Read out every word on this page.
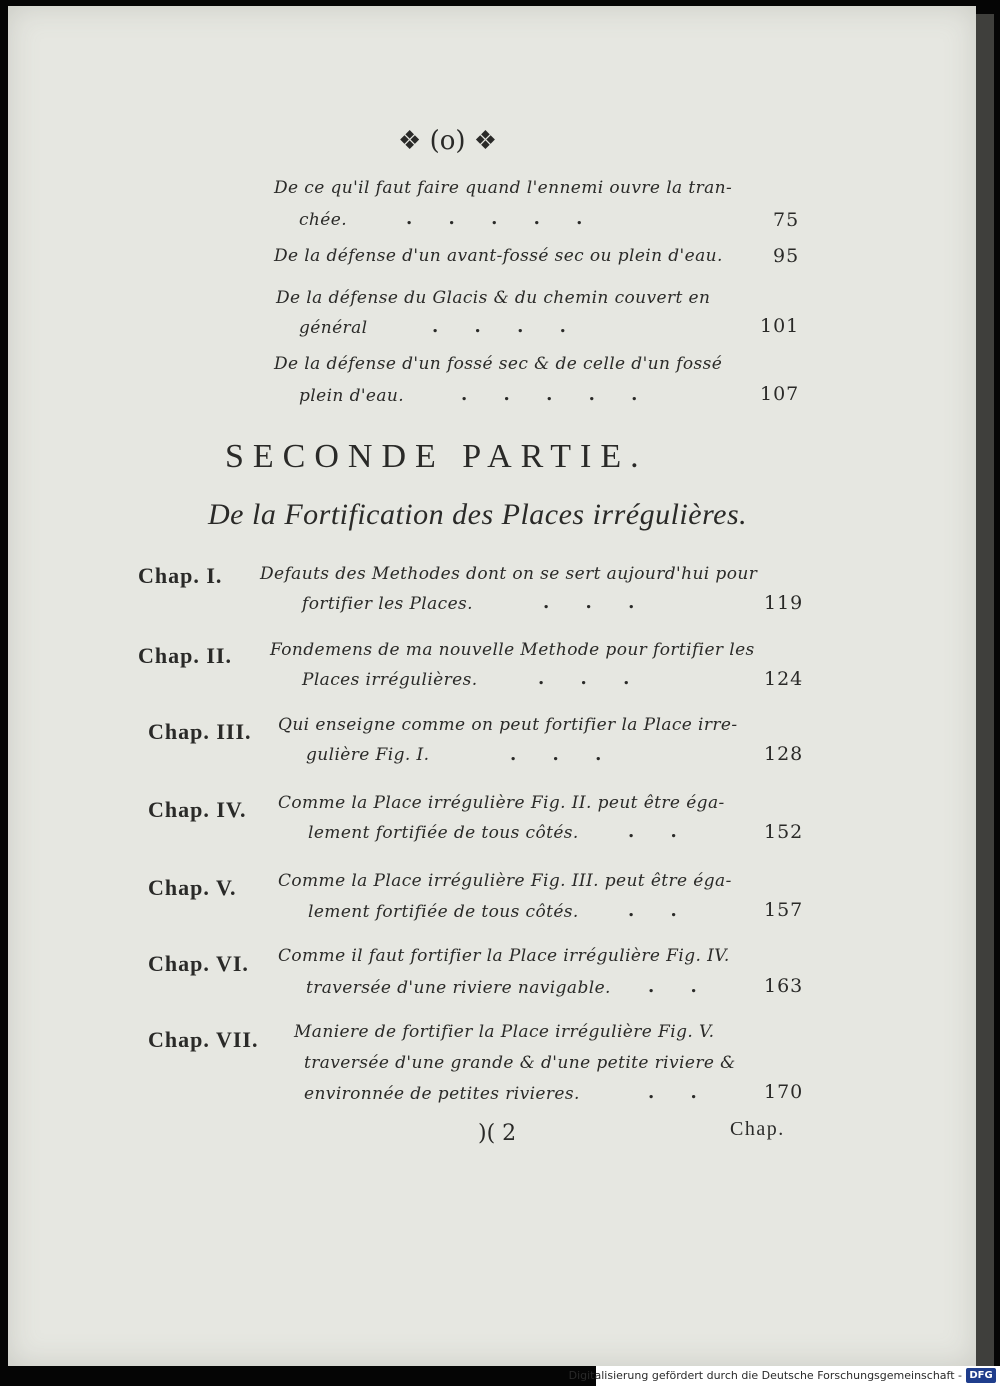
❖ (o) ❖
De ce qu'il faut faire quand l'ennemi ouvre la tran-
chée.	. . . . .	75
De la défense d'un avant-fossé sec ou plein d'eau.	95
De la défense du Glacis & du chemin couvert en
général	. . . .	101
De la défense d'un fossé sec & de celle d'un fossé
plein d'eau.	. . . . .	107
SECONDE PARTIE.
De la Fortification des Places irrégulières.
Chap. I. Defauts des Methodes dont on se sert aujourd'hui pour
fortifier les Places.	. . .	119
Chap. II. Fondemens de ma nouvelle Methode pour fortifier les
Places irrégulières.	. . .	124
Chap. III. Qui enseigne comme on peut fortifier la Place irre-
gulière Fig. I.	. . .	128
Chap. IV. Comme la Place irrégulière Fig. II. peut être éga-
lement fortifiée de tous côtés.	. .	152
Chap. V. Comme la Place irrégulière Fig. III. peut être éga-
lement fortifiée de tous côtés.	. .	157
Chap. VI. Comme il faut fortifier la Place irrégulière Fig. IV.
traversée d'une riviere navigable. . .	163
Chap. VII. Maniere de fortifier la Place irrégulière Fig. V.
traversée d'une grande & d'une petite riviere &
environnée de petites rivieres.	. .	170
)( 2	Chap.
Digitalisierung gefördert durch die Deutsche Forschungsgemeinschaft - DFG
